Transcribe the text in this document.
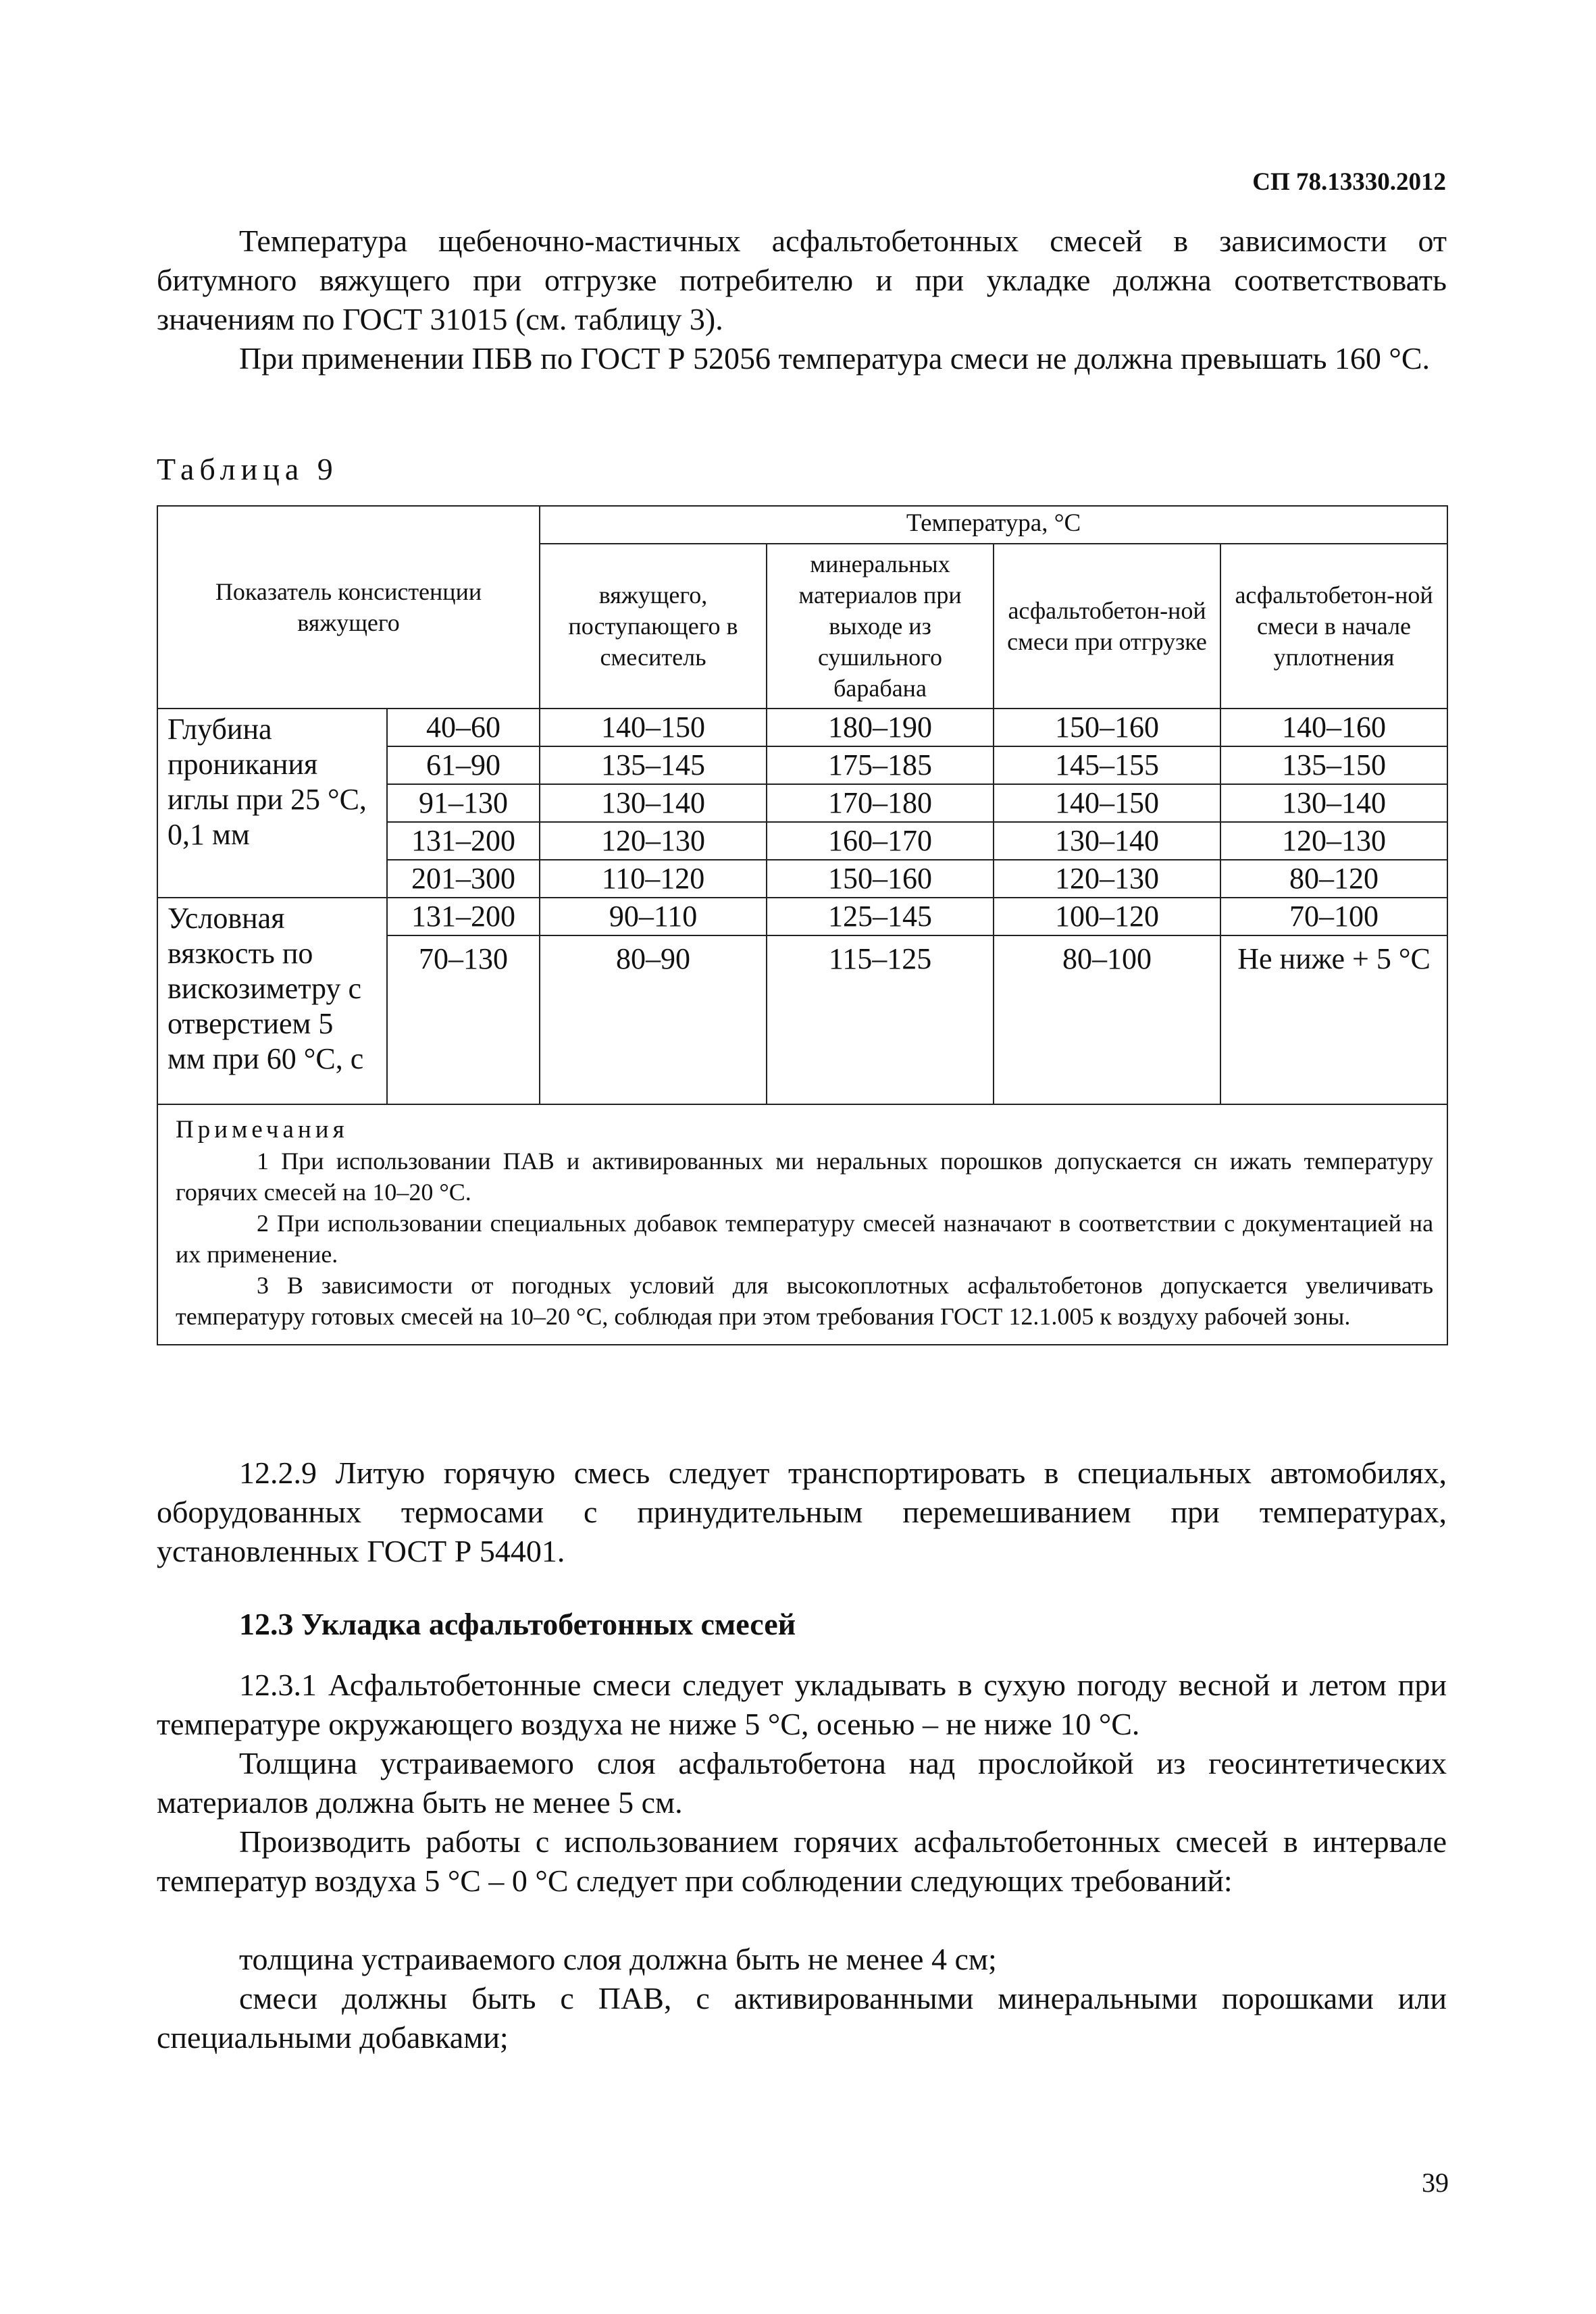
СП 78.13330.2012

Температура щебеночно-мастичных асфальтобетонных смесей в зависимости от битумного вяжущего при отгрузке потребителю и при укладке должна соответствовать значениям по ГОСТ 31015 (см. таблицу 3).

При применении ПБВ по ГОСТ Р 52056 температура смеси не должна превышать 160 °С.

Таблица 9
Показатель консистенции вяжущего		Температура, °С			
		вяжущего, поступающего в смеситель	минеральных материалов при выходе из сушильного барабана	асфальтобетон-ной смеси при отгрузке	асфальтобетон-ной смеси в начале уплотнения
Глубина проникания иглы при 25 °С, 0,1 мм	40–60	140–150	180–190	150–160	140–160
	61–90	135–145	175–185	145–155	135–150
	91–130	130–140	170–180	140–150	130–140
	131–200	120–130	160–170	130–140	120–130
	201–300	110–120	150–160	120–130	80–120
Условная вязкость по вискозиметру с отверстием 5 мм при 60 °С, с	131–200	90–110	125–145	100–120	70–100
	70–130	80–90	115–125	80–100	Не ниже + 5 °С

Примечания

1 При использовании ПАВ и активированных ми неральных порошков допускается сн ижать температуру горячих смесей на 10–20 °С.

2 При использовании специальных добавок температуру смесей назначают в соответствии с документацией на их применение.

3 В зависимости от погодных условий для высокоплотных асфальтобетонов допускается увеличивать температуру готовых смесей на 10–20 °С, соблюдая при этом требования ГОСТ 12.1.005 к воздуху рабочей зоны.					

12.2.9 Литую горячую смесь следует транспортировать в специальных автомобилях, оборудованных термосами с принудительным перемешиванием при температурах, установленных ГОСТ Р 54401.

12.3 Укладка асфальтобетонных смесей

12.3.1 Асфальтобетонные смеси следует укладывать в сухую погоду весной и летом при температуре окружающего воздуха не ниже 5 °С, осенью – не ниже 10 °С.

Толщина устраиваемого слоя асфальтобетона над прослойкой из геосинтетических материалов должна быть не менее 5 см.

Производить работы с использованием горячих асфальтобетонных смесей в интервале температур воздуха 5 °С – 0 °С следует при соблюдении следующих требований:

толщина устраиваемого слоя должна быть не менее 4 см;

смеси должны быть с ПАВ, с активированными минеральными порошками или специальными добавками;

39
